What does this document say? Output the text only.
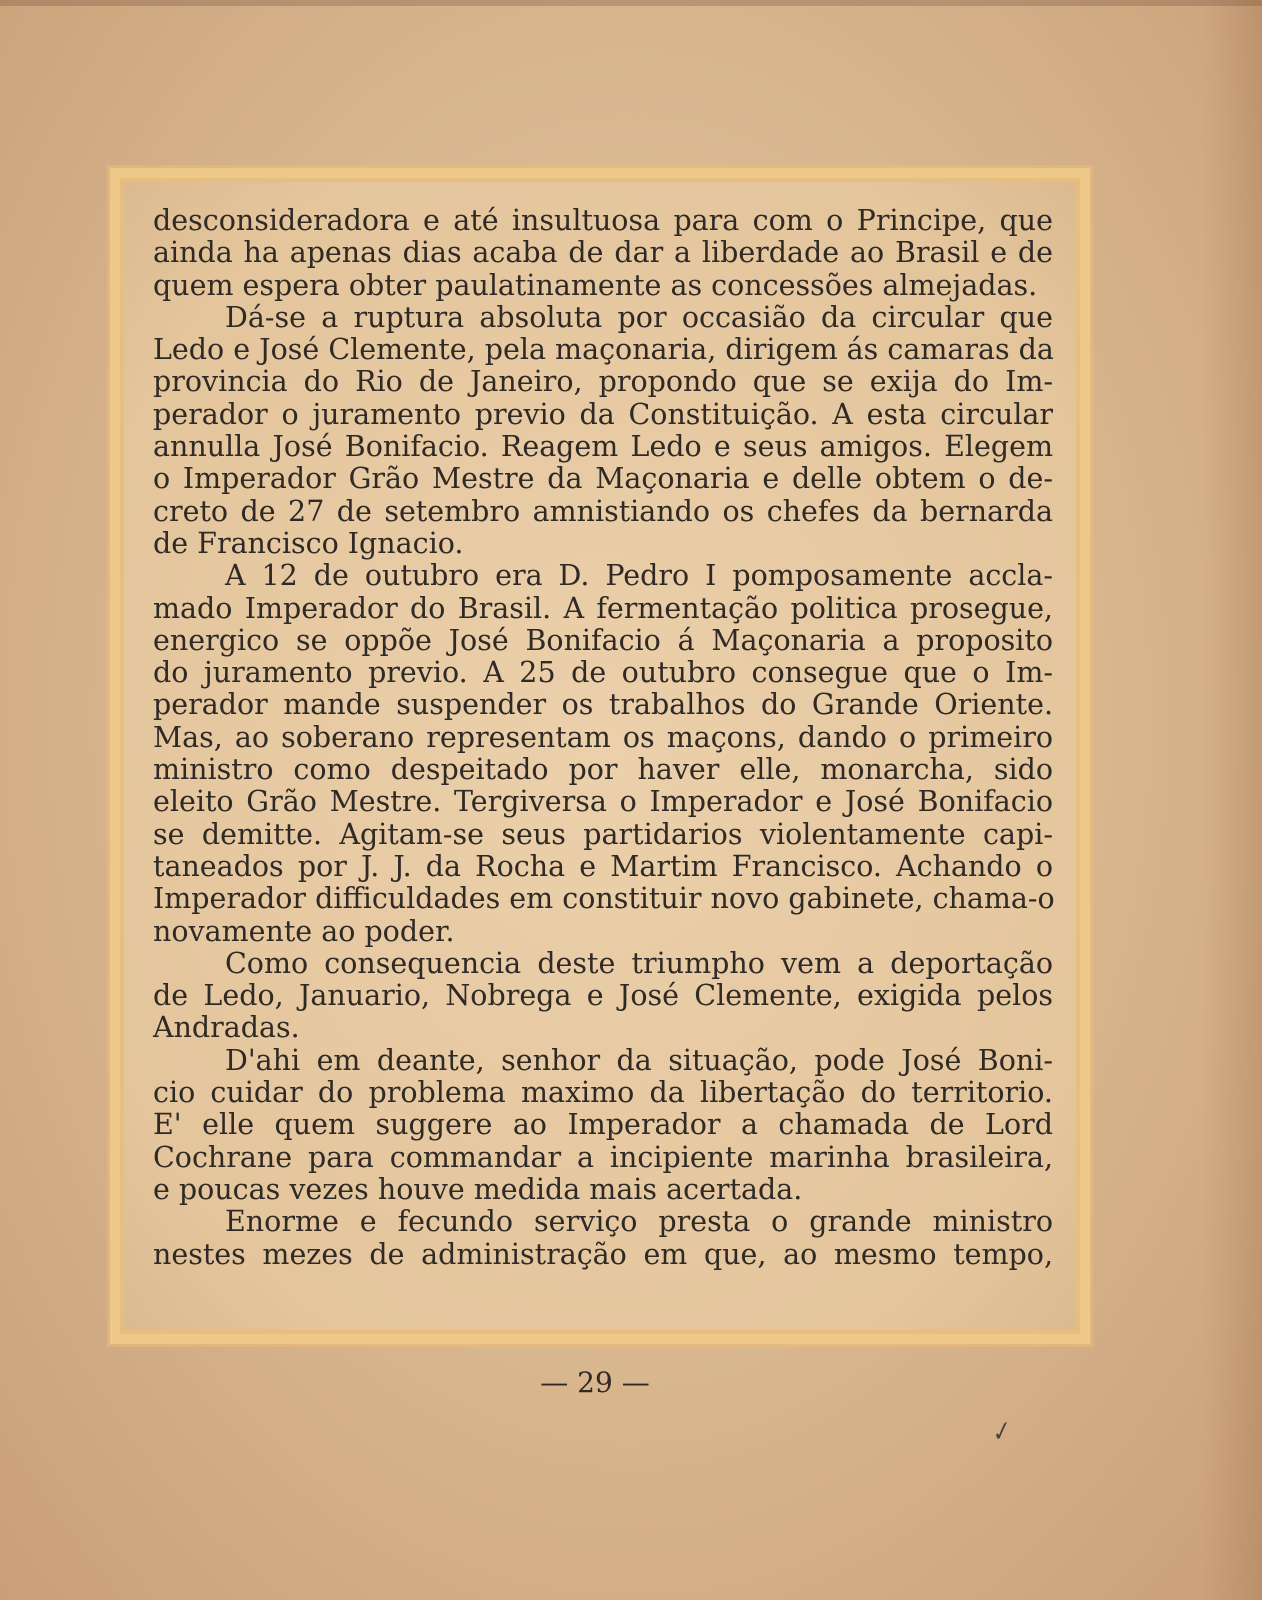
desconsideradora e até insultuosa para com o Principe, que
ainda ha apenas dias acaba de dar a liberdade ao Brasil e de
quem espera obter paulatinamente as concessões almejadas.
Dá-se a ruptura absoluta por occasião da circular que
Ledo e José Clemente, pela maçonaria, dirigem ás camaras da
provincia do Rio de Janeiro, propondo que se exija do Im-
perador o juramento previo da Constituição. A esta circular
annulla José Bonifacio. Reagem Ledo e seus amigos. Elegem
o Imperador Grão Mestre da Maçonaria e delle obtem o de-
creto de 27 de setembro amnistiando os chefes da bernarda
de Francisco Ignacio.
A 12 de outubro era D. Pedro I pomposamente accla-
mado Imperador do Brasil. A fermentação politica prosegue,
energico se oppõe José Bonifacio á Maçonaria a proposito
do juramento previo. A 25 de outubro consegue que o Im-
perador mande suspender os trabalhos do Grande Oriente.
Mas, ao soberano representam os maçons, dando o primeiro
ministro como despeitado por haver elle, monarcha, sido
eleito Grão Mestre. Tergiversa o Imperador e José Bonifacio
se demitte. Agitam-se seus partidarios violentamente capi-
taneados por J. J. da Rocha e Martim Francisco. Achando o
Imperador difficuldades em constituir novo gabinete, chama-o
novamente ao poder.
Como consequencia deste triumpho vem a deportação
de Ledo, Januario, Nobrega e José Clemente, exigida pelos
Andradas.
D'ahi em deante, senhor da situação, pode José Boni-
cio cuidar do problema maximo da libertação do territorio.
E' elle quem suggere ao Imperador a chamada de Lord
Cochrane para commandar a incipiente marinha brasileira,
e poucas vezes houve medida mais acertada.
Enorme e fecundo serviço presta o grande ministro
nestes mezes de administração em que, ao mesmo tempo,
— 29 —
✓
